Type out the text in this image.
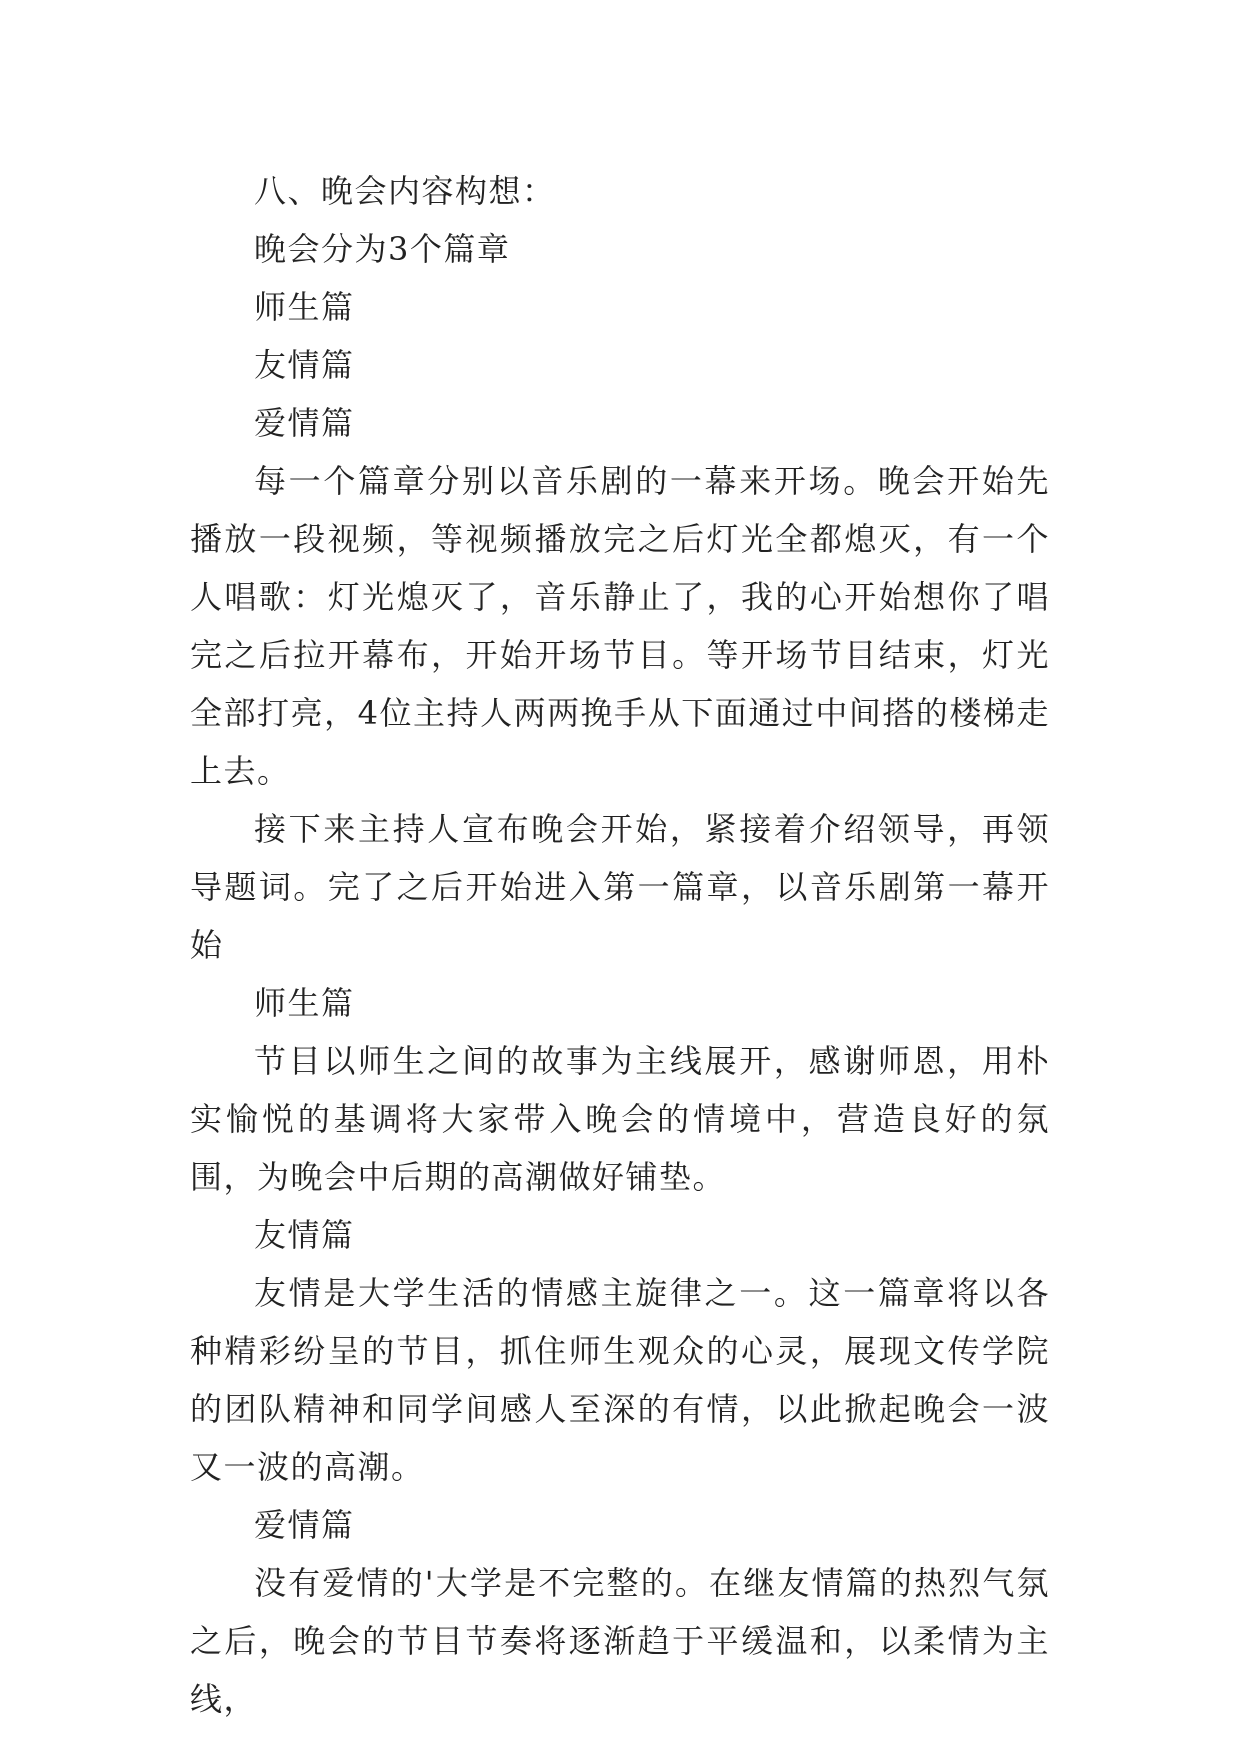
八、晚会内容构想：

晚会分为3个篇章

师生篇

友情篇

爱情篇

每一个篇章分别以音乐剧的一幕来开场。晚会开始先播放一段视频，等视频播放完之后灯光全都熄灭，有一个人唱歌：灯光熄灭了，音乐静止了，我的心开始想你了唱完之后拉开幕布，开始开场节目。等开场节目结束，灯光全部打亮，4位主持人两两挽手从下面通过中间搭的楼梯走上去。

接下来主持人宣布晚会开始，紧接着介绍领导，再领导题词。完了之后开始进入第一篇章，以音乐剧第一幕开始

师生篇

节目以师生之间的故事为主线展开，感谢师恩，用朴实愉悦的基调将大家带入晚会的情境中，营造良好的氛围，为晚会中后期的高潮做好铺垫。

友情篇

友情是大学生活的情感主旋律之一。这一篇章将以各种精彩纷呈的节目，抓住师生观众的心灵，展现文传学院的团队精神和同学间感人至深的有情，以此掀起晚会一波又一波的高潮。

爱情篇

没有爱情的'大学是不完整的。在继友情篇的热烈气氛之后，晚会的节目节奏将逐渐趋于平缓温和，以柔情为主线，
